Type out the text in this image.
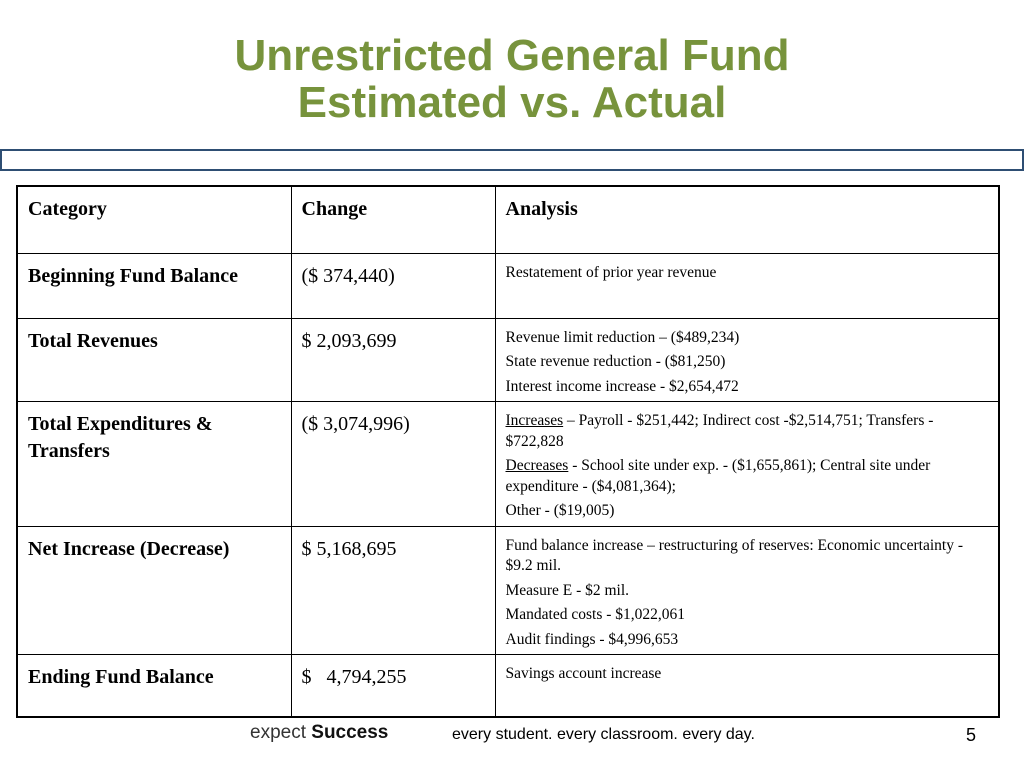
Unrestricted General Fund
Estimated vs. Actual
Category	Change	Analysis
Beginning Fund Balance	($ 374,440)	Restatement of prior year revenue

Total Revenues	$ 2,093,699	Revenue limit reduction – ($489,234)
State revenue reduction - ($81,250)
Interest income increase - $2,654,472

Total Expenditures & Transfers	($ 3,074,996)	Increases – Payroll - $251,442; Indirect cost -$2,514,751; Transfers - $722,828
Decreases - School site under exp. - ($1,655,861); Central site under expenditure - ($4,081,364);
Other - ($19,005)

Net Increase (Decrease)	$ 5,168,695	Fund balance increase – restructuring of reserves: Economic uncertainty - $9.2 mil.
Measure E - $2 mil.
Mandated costs - $1,022,061
Audit findings - $4,996,653

Ending Fund Balance	$   4,794,255	Savings account increase
expect Success	every student. every classroom. every day.	5
